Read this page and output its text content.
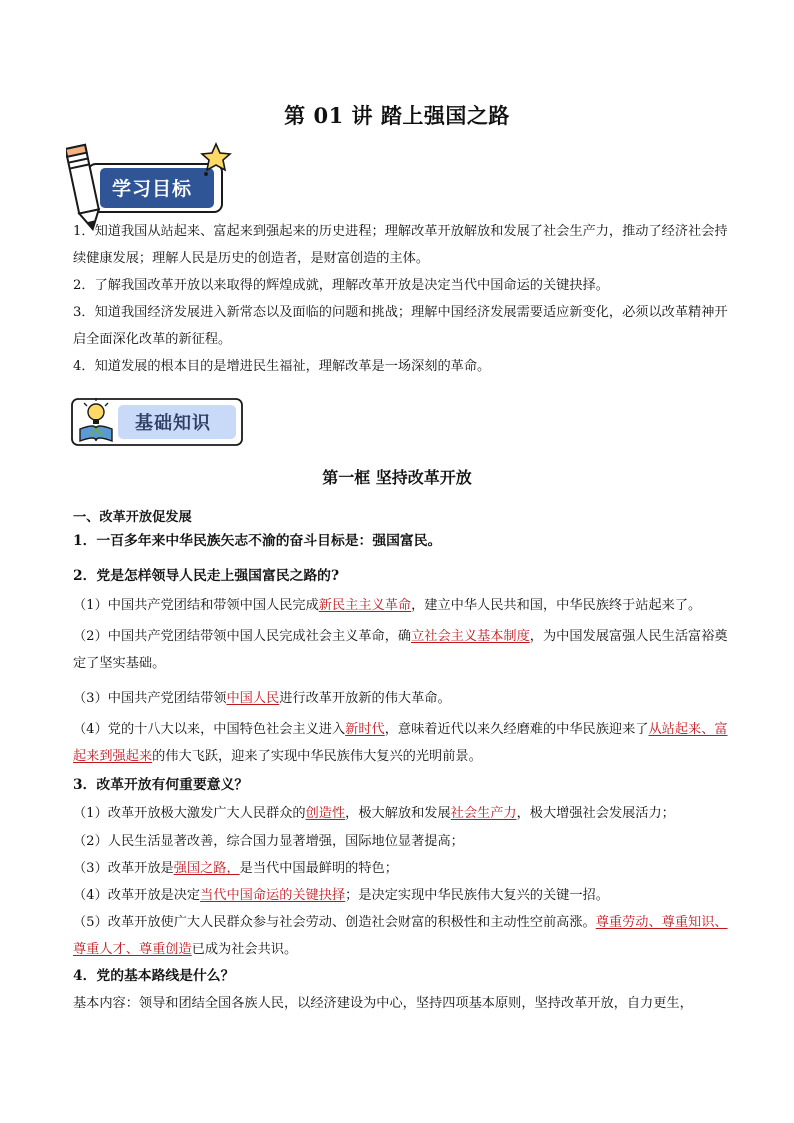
第 01 讲 踏上强国之路
学习目标
1．知道我国从站起来、富起来到强起来的历史进程；理解改革开放解放和发展了社会生产力，推动了经济社会持续健康发展；理解人民是历史的创造者，是财富创造的主体。
2．了解我国改革开放以来取得的辉煌成就，理解改革开放是决定当代中国命运的关键抉择。
3．知道我国经济发展进入新常态以及面临的问题和挑战；理解中国经济发展需要适应新变化，必须以改革精神开启全面深化改革的新征程。
4．知道发展的根本目的是增进民生福祉，理解改革是一场深刻的革命。
基础知识
第一框 坚持改革开放
一、改革开放促发展
1．一百多年来中华民族矢志不渝的奋斗目标是：强国富民。
2．党是怎样领导人民走上强国富民之路的?
（1）中国共产党团结和带领中国人民完成新民主主义革命，建立中华人民共和国，中华民族终于站起来了。
（2）中国共产党团结带领中国人民完成社会主义革命，确立社会主义基本制度，为中国发展富强人民生活富裕奠定了坚实基础。
（3）中国共产党团结带领中国人民进行改革开放新的伟大革命。
（4）党的十八大以来，中国特色社会主义进入新时代，意味着近代以来久经磨难的中华民族迎来了从站起来、富起来到强起来的伟大飞跃，迎来了实现中华民族伟大复兴的光明前景。
3．改革开放有何重要意义？
（1）改革开放极大激发广大人民群众的创造性，极大解放和发展社会生产力，极大增强社会发展活力；
（2）人民生活显著改善，综合国力显著增强，国际地位显著提高；
（3）改革开放是强国之路，是当代中国最鲜明的特色；
（4）改革开放是决定当代中国命运的关键抉择；是决定实现中华民族伟大复兴的关键一招。
（5）改革开放使广大人民群众参与社会劳动、创造社会财富的积极性和主动性空前高涨。尊重劳动、尊重知识、尊重人才、尊重创造已成为社会共识。
4．党的基本路线是什么？
基本内容：领导和团结全国各族人民，以经济建设为中心，坚持四项基本原则，坚持改革开放，自力更生，
